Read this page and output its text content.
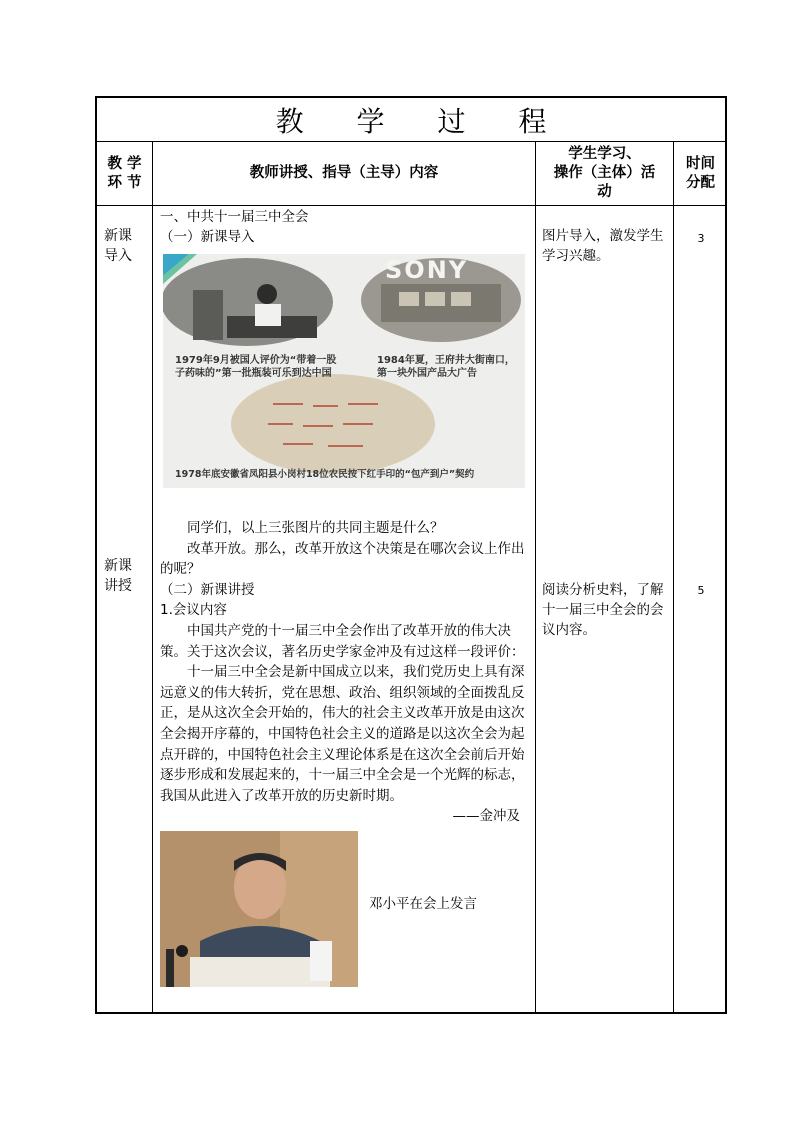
教 学 过 程
教 学
环 节
教师讲授、指导（主导）内容
学生学习、
操作（主体）活
动
时间
分配
新课
导入
图片导入，激发学生学习兴趣。
3
新课
讲授	阅读分析史料，了解十一届三中全会的会议内容。
5
一、中共十一届三中全会
（一）新课导入
SONY
1979年9月被国人评价为“带着一股子药味的”第一批瓶装可乐到达中国
1984年夏，王府井大街南口，第一块外国产品大广告
1978年底安徽省凤阳县小岗村18位农民按下红手印的“包产到户”契约

同学们，以上三张图片的共同主题是什么？

改革开放。那么，改革开放这个决策是在哪次会议上作出的呢？

（二）新课讲授

1.会议内容

中国共产党的十一届三中全会作出了改革开放的伟大决策。关于这次会议，著名历史学家金冲及有过这样一段评价：

十一届三中全会是新中国成立以来，我们党历史上具有深远意义的伟大转折，党在思想、政治、组织领域的全面拨乱反正，是从这次全会开始的，伟大的社会主义改革开放是由这次全会揭开序幕的，中国特色社会主义的道路是以这次全会为起点开辟的，中国特色社会主义理论体系是在这次全会前后开始逐步形成和发展起来的，十一届三中全会是一个光辉的标志，我国从此进入了改革开放的历史新时期。

——金冲及

邓小平在会上发言
